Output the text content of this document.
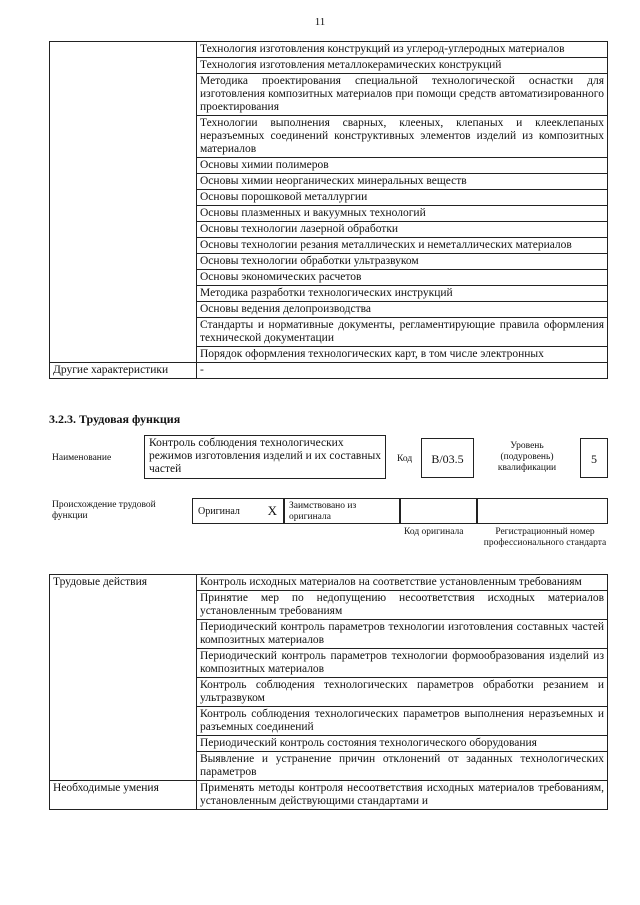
11
	Технология изготовления конструкций из углерод-углеродных материалов
	Технология изготовления металлокерамических конструкций
	Методика проектирования специальной технологической оснастки для изготовления композитных материалов при помощи средств автоматизированного проектирования
	Технологии выполнения сварных, клееных, клепаных и клееклепаных неразъемных соединений конструктивных элементов изделий из композитных материалов
	Основы химии полимеров
	Основы химии неорганических минеральных веществ
	Основы порошковой металлургии
	Основы плазменных и вакуумных технологий
	Основы технологии лазерной обработки
	Основы технологии резания металлических и неметаллических материалов
	Основы технологии обработки ультразвуком
	Основы экономических расчетов
	Методика разработки технологических инструкций
	Основы ведения делопроизводства
	Стандарты и нормативные документы, регламентирующие правила оформления технической документации
	Порядок оформления технологических карт, в том числе электронных
Другие характеристики	-
3.2.3. Трудовая функция
Наименование
Контроль соблюдения технологических режимов изготовления изделий и их составных частей
Код	В/03.5
Уровень (подуровень) квалификации
5
Происхождение трудовой функции	Оригинал X	Заимствовано из оригинала
Код оригинала	Регистрационный номер профессионального стандарта
Трудовые действия	Контроль исходных материалов на соответствие установленным требованиям
	Принятие мер по недопущению несоответствия исходных материалов установленным требованиям
	Периодический контроль параметров технологии изготовления составных частей композитных материалов
	Периодический контроль параметров технологии формообразования изделий из композитных материалов
	Контроль соблюдения технологических параметров обработки резанием и ультразвуком
	Контроль соблюдения технологических параметров выполнения неразъемных и разъемных соединений
	Периодический контроль состояния технологического оборудования
	Выявление и устранение причин отклонений от заданных технологических параметров
Необходимые умения	Применять методы контроля несоответствия исходных материалов требованиям, установленным действующими стандартами и
